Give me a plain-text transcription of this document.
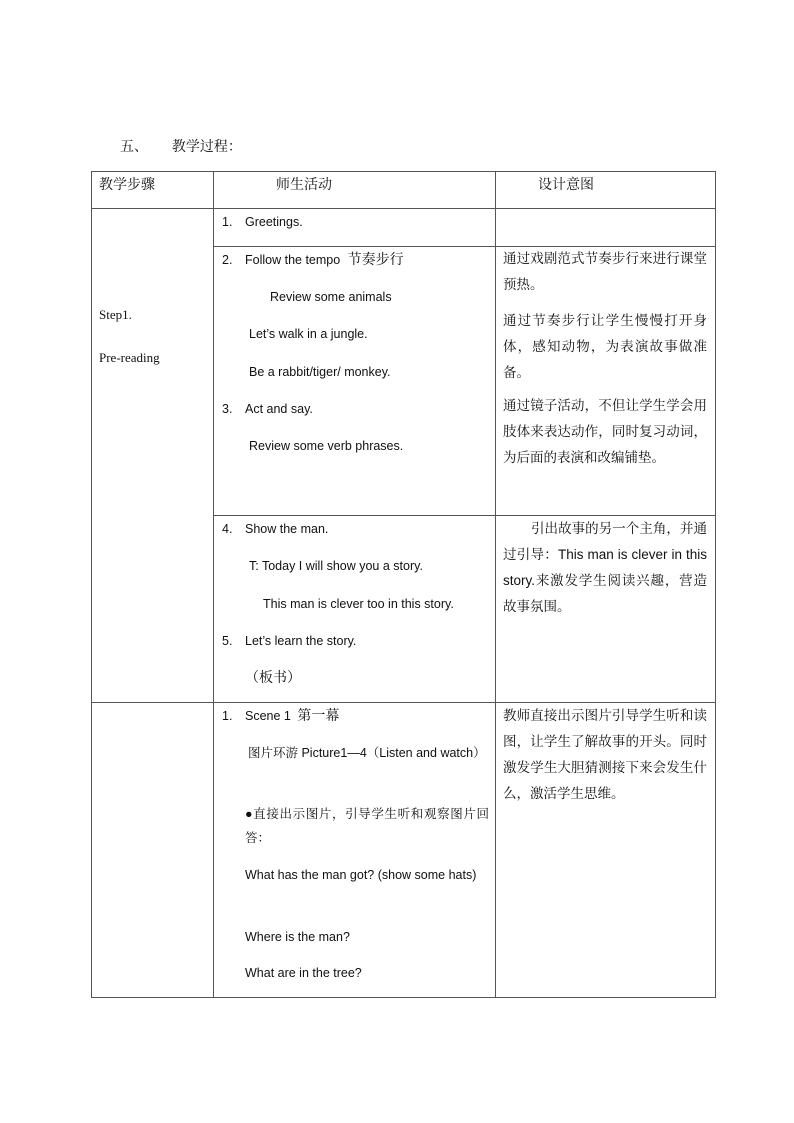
五、 教学过程：
教学步骤	师生活动	设计意图
Step1.
Pre-reading
1. Greetings.
2. Follow the tempo 节奏步行
Review some animals
Let’s walk in a jungle.
Be a rabbit/tiger/ monkey.
3. Act and say.
Review some verb phrases.
通过戏剧范式节奏步行来进行课堂预热。
通过节奏步行让学生慢慢打开身体，感知动物，为表演故事做准备。
通过镜子活动，不但让学生学会用肢体来表达动作，同时复习动词，为后面的表演和改编铺垫。
4. Show the man.
T: Today I will show you a story.
This man is clever too in this story.
5. Let’s learn the story.
（板书）
引出故事的另一个主角，并通过引导：This man is clever in this story.来激发学生阅读兴趣，营造故事氛围。
1. Scene 1 第一幕
图片环游 Picture1—4（Listen and watch）
●直接出示图片，引导学生听和观察图片回答：
What has the man got? (show some hats)
Where is the man?
What are in the tree?
教师直接出示图片引导学生听和读图，让学生了解故事的开头。同时激发学生大胆猜测接下来会发生什么，激活学生思维。
